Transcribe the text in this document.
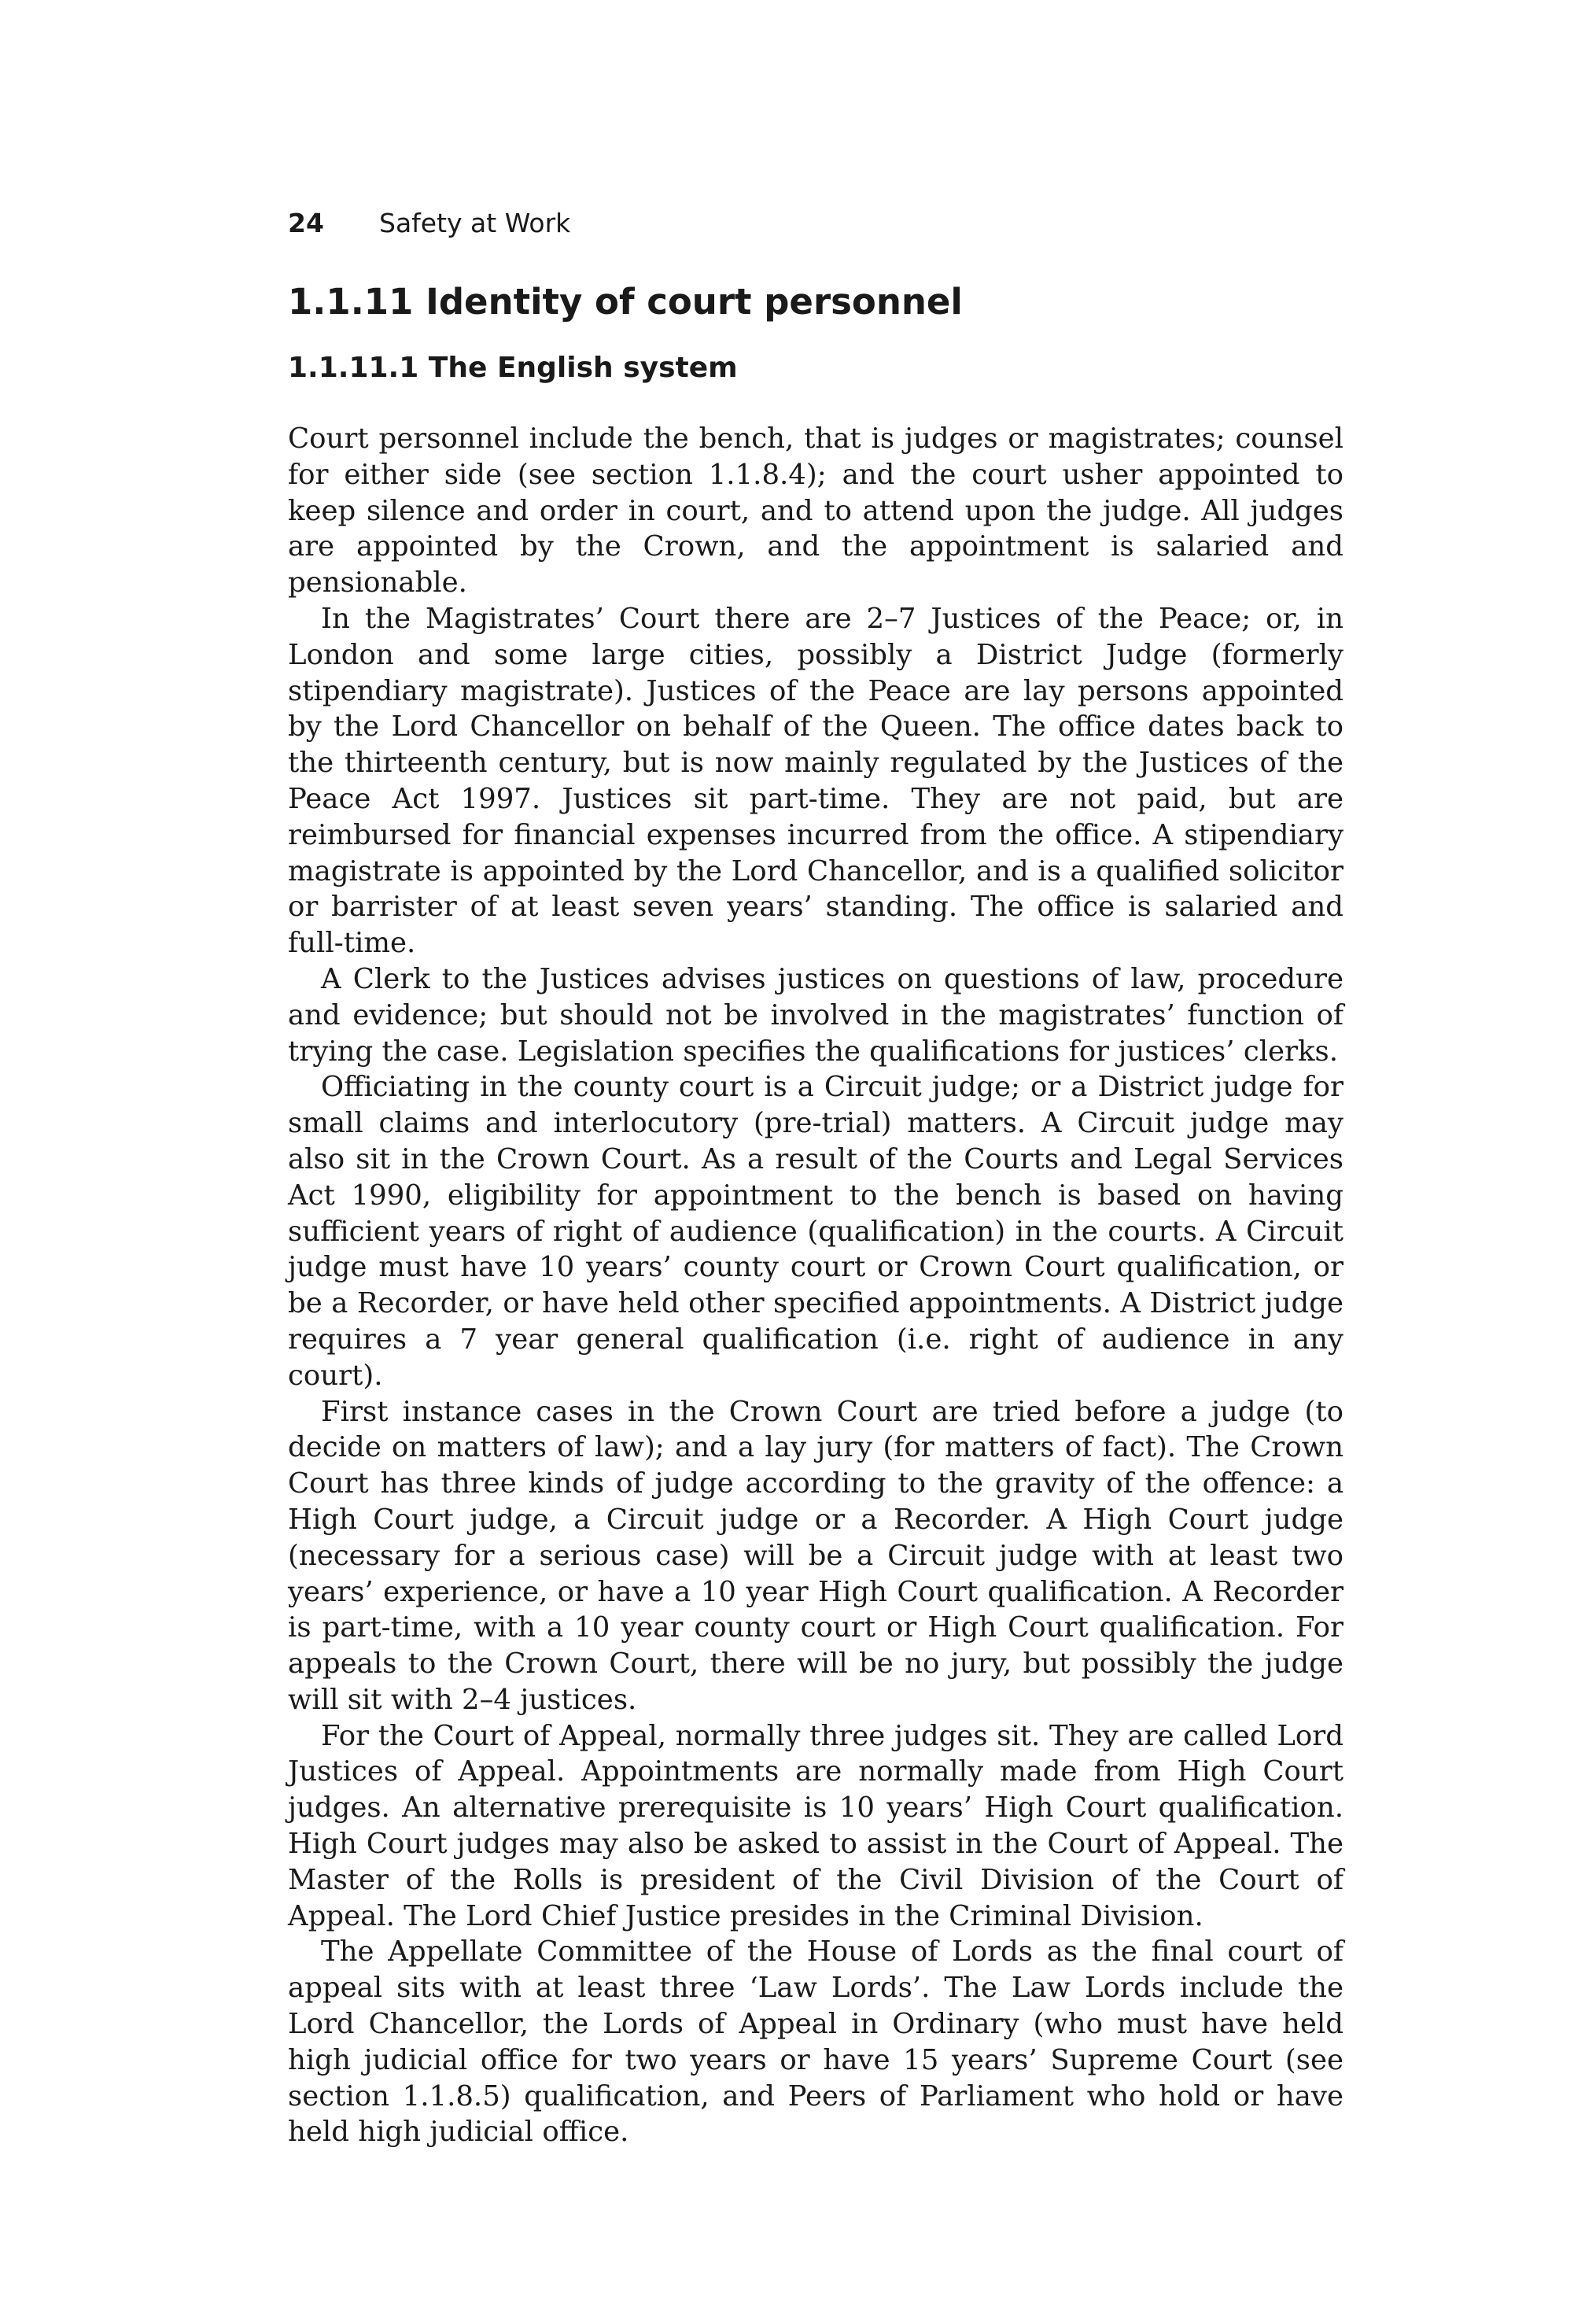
24 Safety at Work
1.1.11 Identity of court personnel
1.1.11.1 The English system

Court personnel include the bench, that is judges or magistrates; counsel for either side (see section 1.1.8.4); and the court usher appointed to keep silence and order in court, and to attend upon the judge. All judges are appointed by the Crown, and the appointment is salaried and pensionable.

In the Magistrates’ Court there are 2–7 Justices of the Peace; or, in London and some large cities, possibly a District Judge (formerly stipendiary magistrate). Justices of the Peace are lay persons appointed by the Lord Chancellor on behalf of the Queen. The office dates back to the thirteenth century, but is now mainly regulated by the Justices of the Peace Act 1997. Justices sit part-time. They are not paid, but are reimbursed for financial expenses incurred from the office. A stipendiary magistrate is appointed by the Lord Chancellor, and is a qualified solicitor or barrister of at least seven years’ standing. The office is salaried and full-time.

A Clerk to the Justices advises justices on questions of law, procedure and evidence; but should not be involved in the magistrates’ function of trying the case. Legislation specifies the qualifications for justices’ clerks.

Officiating in the county court is a Circuit judge; or a District judge for small claims and interlocutory (pre-trial) matters. A Circuit judge may also sit in the Crown Court. As a result of the Courts and Legal Services Act 1990, eligibility for appointment to the bench is based on having sufficient years of right of audience (qualification) in the courts. A Circuit judge must have 10 years’ county court or Crown Court qualification, or be a Recorder, or have held other specified appointments. A District judge requires a 7 year general qualification (i.e. right of audience in any court).

First instance cases in the Crown Court are tried before a judge (to decide on matters of law); and a lay jury (for matters of fact). The Crown Court has three kinds of judge according to the gravity of the offence: a High Court judge, a Circuit judge or a Recorder. A High Court judge (necessary for a serious case) will be a Circuit judge with at least two years’ experience, or have a 10 year High Court qualification. A Recorder is part-time, with a 10 year county court or High Court qualification. For appeals to the Crown Court, there will be no jury, but possibly the judge will sit with 2–4 justices.

For the Court of Appeal, normally three judges sit. They are called Lord Justices of Appeal. Appointments are normally made from High Court judges. An alternative prerequisite is 10 years’ High Court qualification. High Court judges may also be asked to assist in the Court of Appeal. The Master of the Rolls is president of the Civil Division of the Court of Appeal. The Lord Chief Justice presides in the Criminal Division.

The Appellate Committee of the House of Lords as the final court of appeal sits with at least three ‘Law Lords’. The Law Lords include the Lord Chancellor, the Lords of Appeal in Ordinary (who must have held high judicial office for two years or have 15 years’ Supreme Court (see section 1.1.8.5) qualification, and Peers of Parliament who hold or have held high judicial office.
